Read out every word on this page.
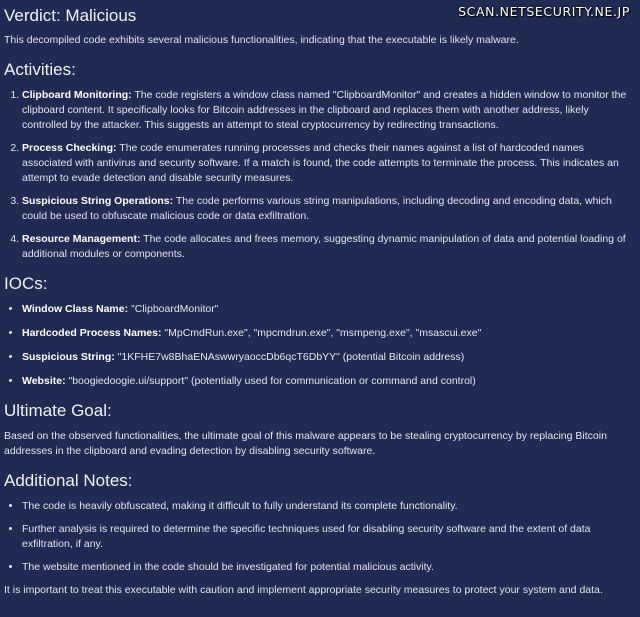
SCAN.NETSECURITY.NE.JP
Verdict: Malicious

This decompiled code exhibits several malicious functionalities, indicating that the executable is likely malware.

Activities:
1. Clipboard Monitoring: The code registers a window class named "ClipboardMonitor" and creates a hidden window to monitor the clipboard content. It specifically looks for Bitcoin addresses in the clipboard and replaces them with another address, likely controlled by the attacker. This suggests an attempt to steal cryptocurrency by redirecting transactions.
2. Process Checking: The code enumerates running processes and checks their names against a list of hardcoded names associated with antivirus and security software. If a match is found, the code attempts to terminate the process. This indicates an attempt to evade detection and disable security measures.
3. Suspicious String Operations: The code performs various string manipulations, including decoding and encoding data, which could be used to obfuscate malicious code or data exfiltration.
4. Resource Management: The code allocates and frees memory, suggesting dynamic manipulation of data and potential loading of additional modules or components.
IOCs:
• Window Class Name: "ClipboardMonitor"
• Hardcoded Process Names: "MpCmdRun.exe", "mpcmdrun.exe", "msmpeng.exe", "msascui.exe"
• Suspicious String: "1KFHE7w8BhaENAswwryaoccDb6qcT6DbYY" (potential Bitcoin address)
• Website: "boogiedoogie.ui/support" (potentially used for communication or command and control)
Ultimate Goal:

Based on the observed functionalities, the ultimate goal of this malware appears to be stealing cryptocurrency by replacing Bitcoin addresses in the clipboard and evading detection by disabling security software.

Additional Notes:
• The code is heavily obfuscated, making it difficult to fully understand its complete functionality.
• Further analysis is required to determine the specific techniques used for disabling security software and the extent of data exfiltration, if any.
• The website mentioned in the code should be investigated for potential malicious activity.

It is important to treat this executable with caution and implement appropriate security measures to protect your system and data.
